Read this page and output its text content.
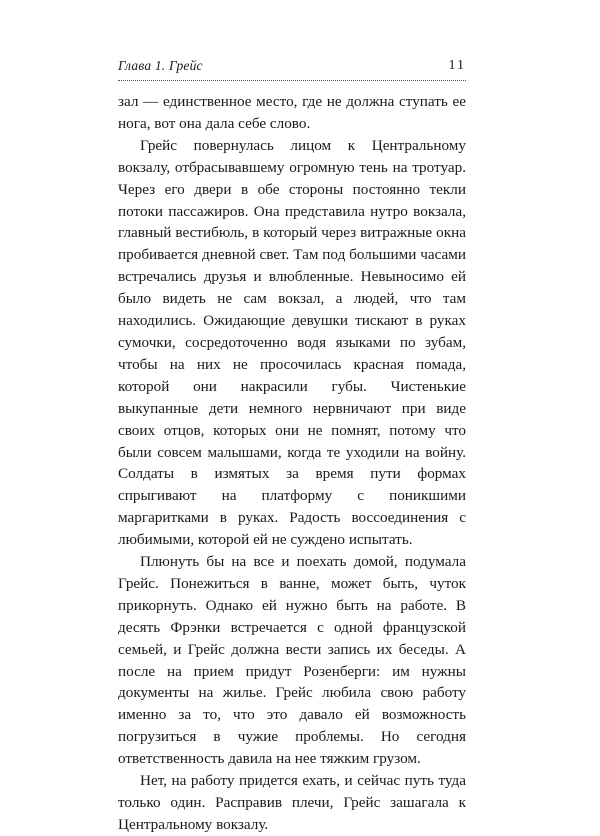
Глава 1. Грейс	11

зал — единственное место, где не должна ступать ее нога, вот она дала себе слово.

Грейс повернулась лицом к Центральному вокзалу, отбрасывавшему огромную тень на тротуар. Через его двери в обе стороны постоянно текли потоки пассажиров. Она представила нутро вокзала, главный вестибюль, в который через витражные окна пробивается дневной свет. Там под большими часами встречались друзья и влюбленные. Невыносимо ей было видеть не сам вокзал, а людей, что там находились. Ожидающие девушки тискают в руках сумочки, сосредоточенно водя языками по зубам, чтобы на них не просочилась красная помада, которой они накрасили губы. Чистенькие выкупанные дети немного нервничают при виде своих отцов, которых они не помнят, потому что были совсем малышами, когда те уходили на войну. Солдаты в измятых за время пути формах спрыгивают на платформу с поникшими маргаритками в руках. Радость воссоединения с любимыми, которой ей не суждено испытать.

Плюнуть бы на все и поехать домой, подумала Грейс. Понежиться в ванне, может быть, чуток прикорнуть. Однако ей нужно быть на работе. В десять Фрэнки встречается с одной французской семьей, и Грейс должна вести запись их беседы. А после на прием придут Розенберги: им нужны документы на жилье. Грейс любила свою работу именно за то, что это давало ей возможность погрузиться в чужие проблемы. Но сегодня ответственность давила на нее тяжким грузом.

Нет, на работу придется ехать, и сейчас путь туда только один. Расправив плечи, Грейс зашагала к Центральному вокзалу.
